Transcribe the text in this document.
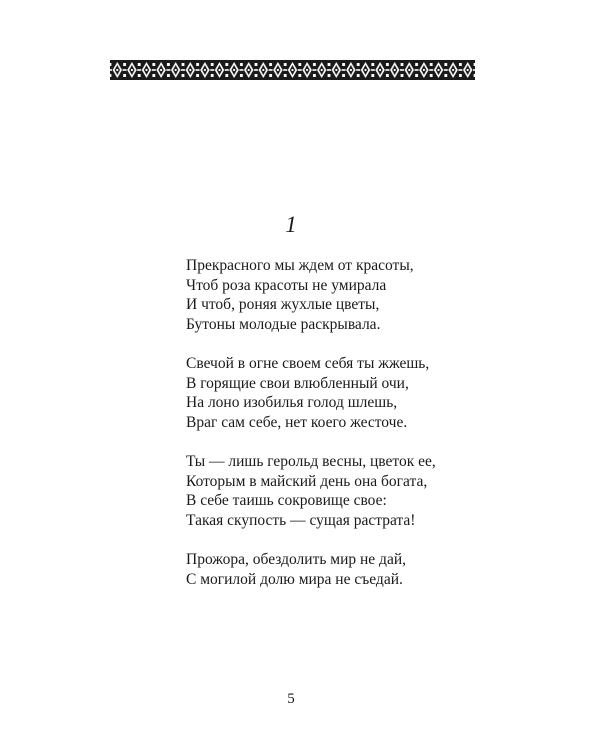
1
Прекрасного мы ждем от красоты,
Чтоб роза красоты не умирала
И чтоб, роняя жухлые цветы,
Бутоны молодые раскрывала.
Свечой в огне своем себя ты жжешь,
В горящие свои влюбленный очи,
На лоно изобилья голод шлешь,
Враг сам себе, нет коего жесточе.
Ты — лишь герольд весны, цветок ее,
Которым в майский день она богата,
В себе таишь сокровище свое:
Такая скупость — сущая растрата!
Прожора, обездолить мир не дай,
С могилой долю мира не съедай.
5
